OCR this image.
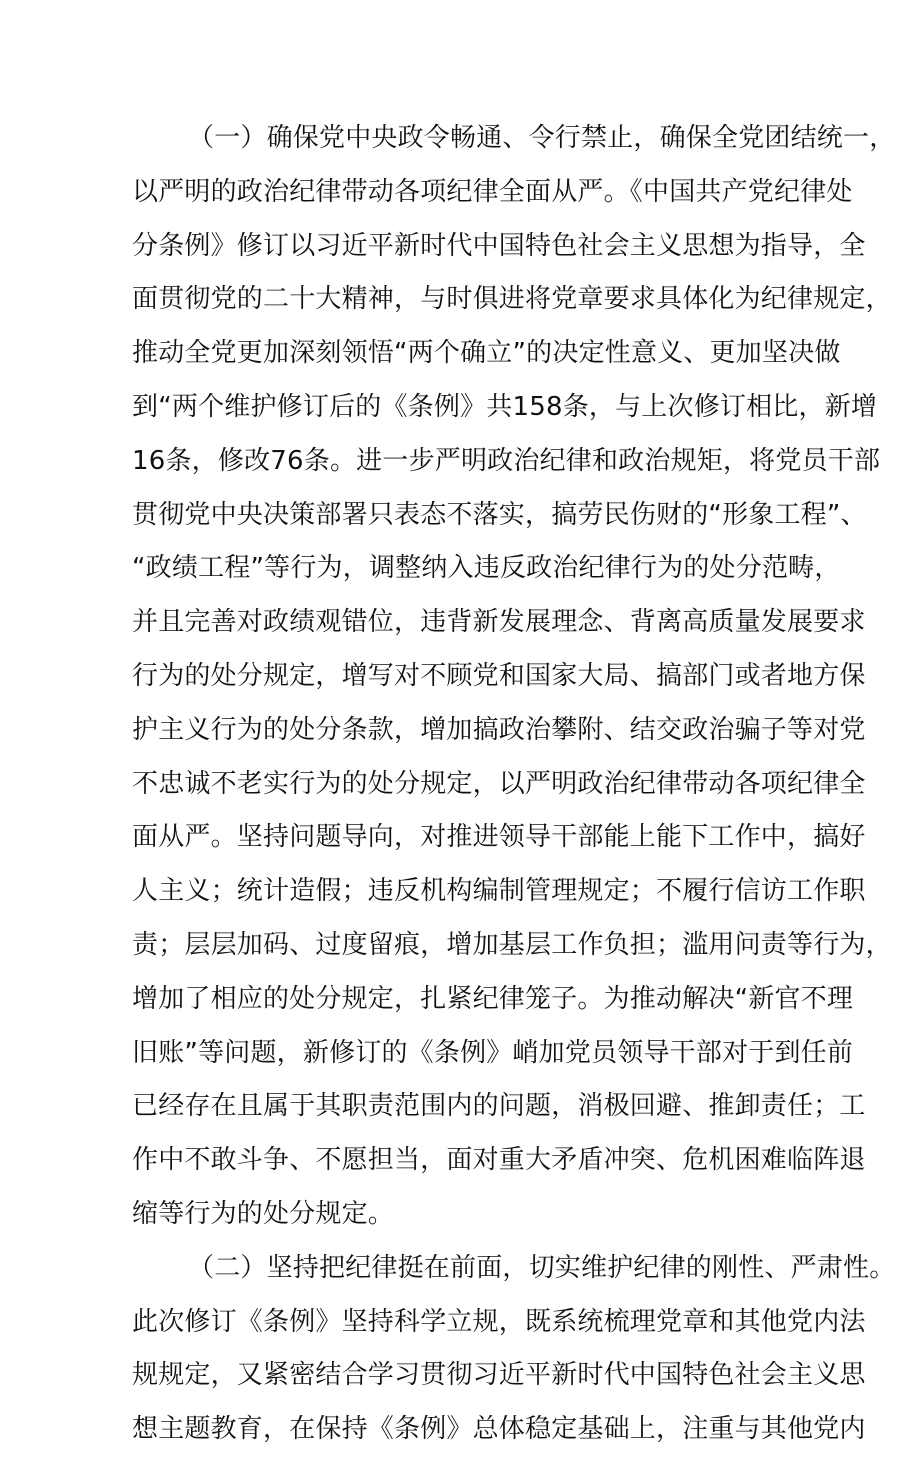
（一）确保党中央政令畅通、令行禁止，确保全党团结统一，
以严明的政治纪律带动各项纪律全面从严。《中国共产党纪律处
分条例》修订以习近平新时代中国特色社会主义思想为指导，全
面贯彻党的二十大精神，与时俱进将党章要求具体化为纪律规定，
推动全党更加深刻领悟“两个确立”的决定性意义、更加坚决做
到“两个维护修订后的《条例》共158条，与上次修订相比，新增
16条，修改76条。进一步严明政治纪律和政治规矩，将党员干部
贯彻党中央决策部署只表态不落实，搞劳民伤财的“形象工程”、
“政绩工程”等行为，调整纳入违反政治纪律行为的处分范畴，
并且完善对政绩观错位，违背新发展理念、背离高质量发展要求
行为的处分规定，增写对不顾党和国家大局、搞部门或者地方保
护主义行为的处分条款，增加搞政治攀附、结交政治骗子等对党
不忠诚不老实行为的处分规定，以严明政治纪律带动各项纪律全
面从严。坚持问题导向，对推进领导干部能上能下工作中，搞好
人主义；统计造假；违反机构编制管理规定；不履行信访工作职
责；层层加码、过度留痕，增加基层工作负担；滥用问责等行为，
增加了相应的处分规定，扎紧纪律笼子。为推动解决“新官不理
旧账”等问题，新修订的《条例》峭加党员领导干部对于到任前
已经存在且属于其职责范围内的问题，消极回避、推卸责任；工
作中不敢斗争、不愿担当，面对重大矛盾冲突、危机困难临阵退
缩等行为的处分规定。
（二）坚持把纪律挺在前面，切实维护纪律的刚性、严肃性。
此次修订《条例》坚持科学立规，既系统梳理党章和其他党内法
规规定，又紧密结合学习贯彻习近平新时代中国特色社会主义思
想主题教育，在保持《条例》总体稳定基础上，注重与其他党内
